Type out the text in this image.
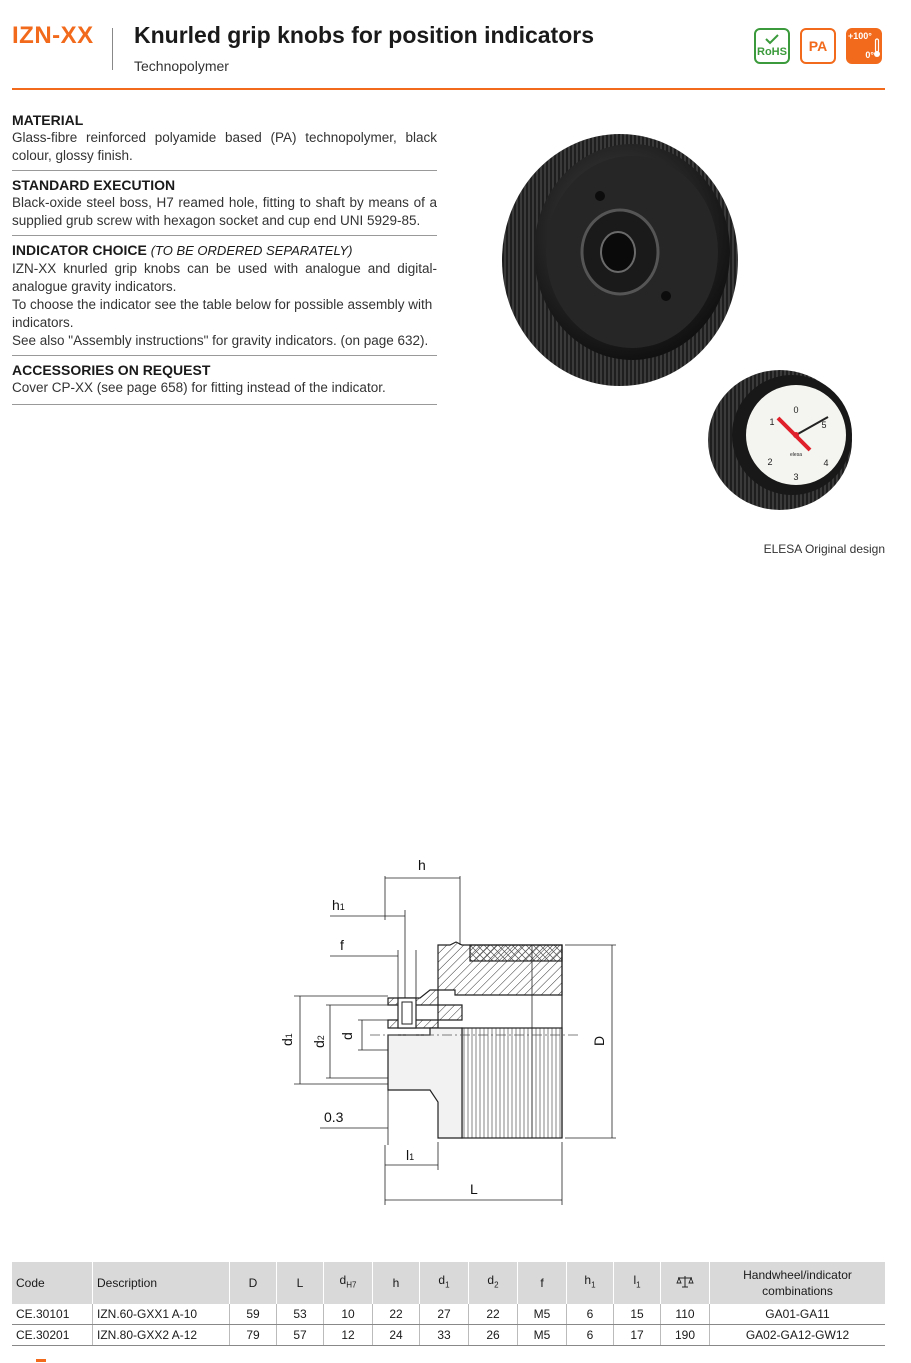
IZN-XX Knurled grip knobs for position indicators
Technopolymer
RoHS	PA
+100°
0°
MATERIAL
Glass-fibre reinforced polyamide based (PA) technopolymer, black colour, glossy finish.
STANDARD EXECUTION
Black-oxide steel boss, H7 reamed hole, fitting to shaft by means of a supplied grub screw with hexagon socket and cup end UNI 5929-85.
INDICATOR CHOICE (TO BE ORDERED SEPARATELY)
IZN-XX knurled grip knobs can be used with analogue and digital-analogue gravity indicators.
To choose the indicator see the table below for possible assembly with indicators.
See also "Assembly instructions" for gravity indicators. (on page 632).
ACCESSORIES ON REQUEST
Cover CP-XX (see page 658) for fitting instead of the indicator.
0
1
2
3
4
5
elesa
ELESA Original design
h
h1
f
d1
d2 d	D
0.3
l1
L
Code	Description	D	L	$d_{H7}$	h	$d_1$	$d_2$	f	$h_1$	$l_1$		Handwheel/indicator combinations
CE.30101	IZN.60-GXX1 A-10	59	53	10	22	27	22	M5	6	15	110	GA01-GA11
CE.30201	IZN.80-GXX2 A-12	79	57	12	24	33	26	M5	6	17	190	GA02-GA12-GW12
